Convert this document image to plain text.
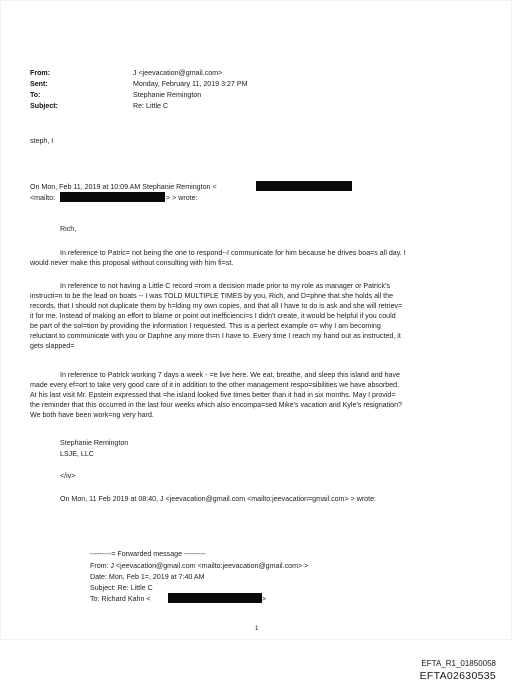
From:	J <jeevacation@gmail.com>
Sent:	Monday, February 11, 2019 3:27 PM
To:	Stephanie Remington
Subject:	Re: Little C
steph, I
On Mon, Feb 11, 2019 at 10:09 AM Stephanie Remington <
<mailto:	> > wrote:
Rich,
In reference to Patric= not being the one to respond--I communicate for him because he drives boa=s all day. I
would never make this proposal without consulting with him fi=st.
In reference to not having a Little C record =rom a decision made prior to my role as manager or Patrick's
instructi=n to be the lead on boats -- I was TOLD MULTIPLE TIMES by you, Rich, and D=phne that she holds all the
records, that I should not duplicate them by h=lding my own copies, and that all I have to do is ask and she will retriev=
it for me. Instead of making an effort to blame or point out inefficienci=s I didn't create, it would be helpful if you could
be part of the sol=tion by providing the information I requested. This is a perfect example o= why I am becoming
reluctant to communicate with you or Daphne any more th=n I have to. Every time I reach my hand out as instructed, it
gets slapped=
In reference to Patrick working 7 days a week - =e live here. We eat, breathe, and sleep this island and have
made every ef=ort to take very good care of it in addition to the other management respo=sibilities we have absorbed.
At his last visit Mr. Epstein expressed that =he island looked five times better than it had in six months. May I provid=
the reminder that this occurred in the last four weeks which also encompa=sed Mike's vacation and Kyle's resignation?
We both have been work=ng very hard.
Stephanie Remington
LSJE, LLC
</iv>
On Mon, 11 Feb 2019 at 08:40, J <jeevacation@gmail.com <mailto:jeevacation=gmail.com> > wrote:
---------= Forwarded message ---------
From: J <jeevacation@gmail.com <mailto:jeevacation@gmail.com> >
Date: Mon, Feb 1=, 2019 at 7:40 AM
Subject: Re: Little C
To: Richard Kahn <	>
1
EFTA_R1_01850058
EFTA02630535
